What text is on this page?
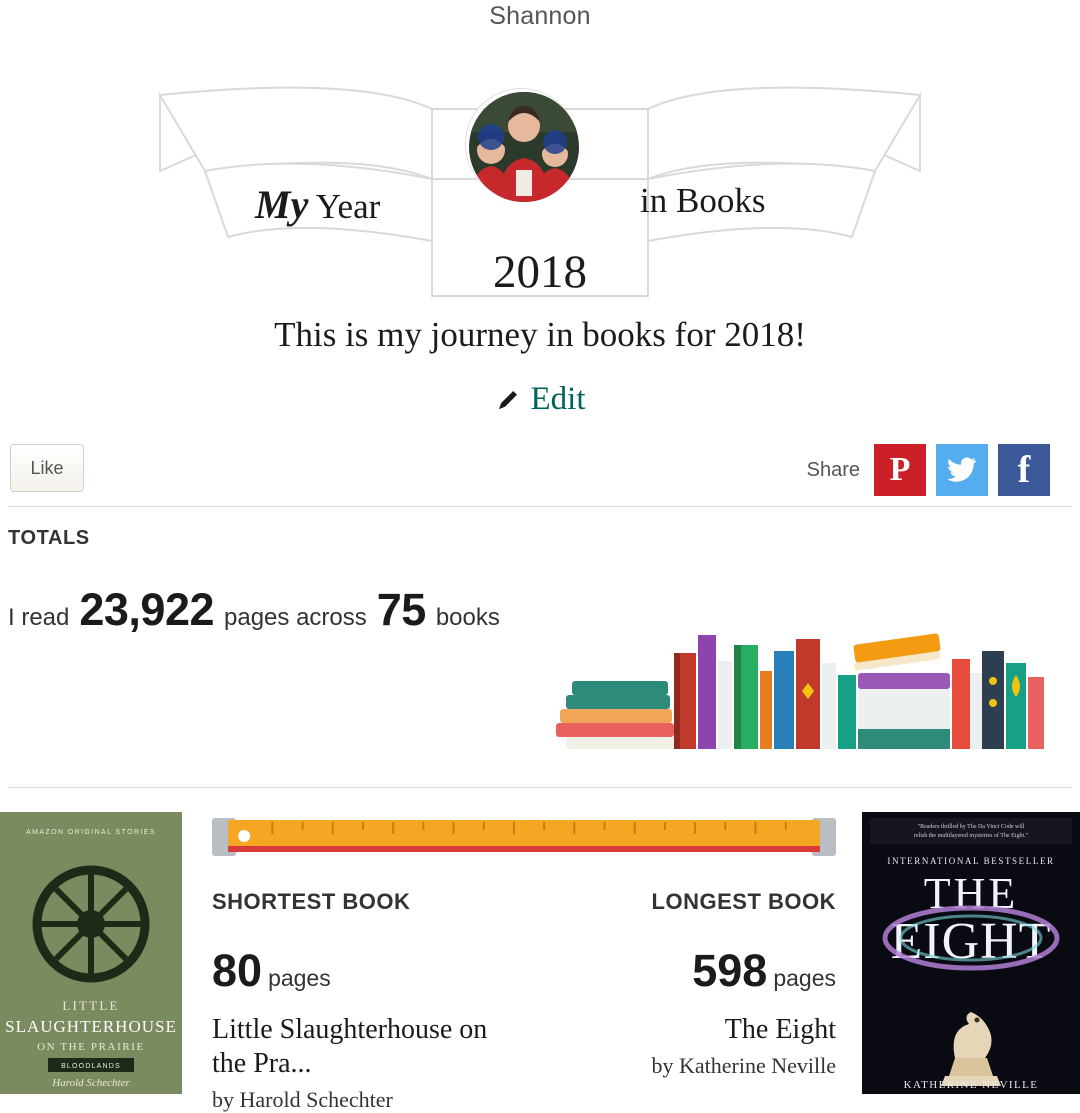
Shannon
My Year	in Books
2018
This is my journey in books for 2018!
Edit
Like	Share P	f
TOTALS
I read 23,922 pages across 75 books
AMAZON ORIGINAL STORIES
LITTLE
SLAUGHTERHOUSE
ON THE PRAIRIE
BLOODLANDS
Harold Schechter
SHORTEST BOOK	LONGEST BOOK
80 pages	598 pages
Little Slaughterhouse on the Pra...
by Harold Schechter
The Eight
by Katherine Neville
"Readers thrilled by The Da Vinci Code will
relish the multilayered mysteries of The Eight."
INTERNATIONAL BESTSELLER
THE
EIGHT
KATHERINE NEVILLE
